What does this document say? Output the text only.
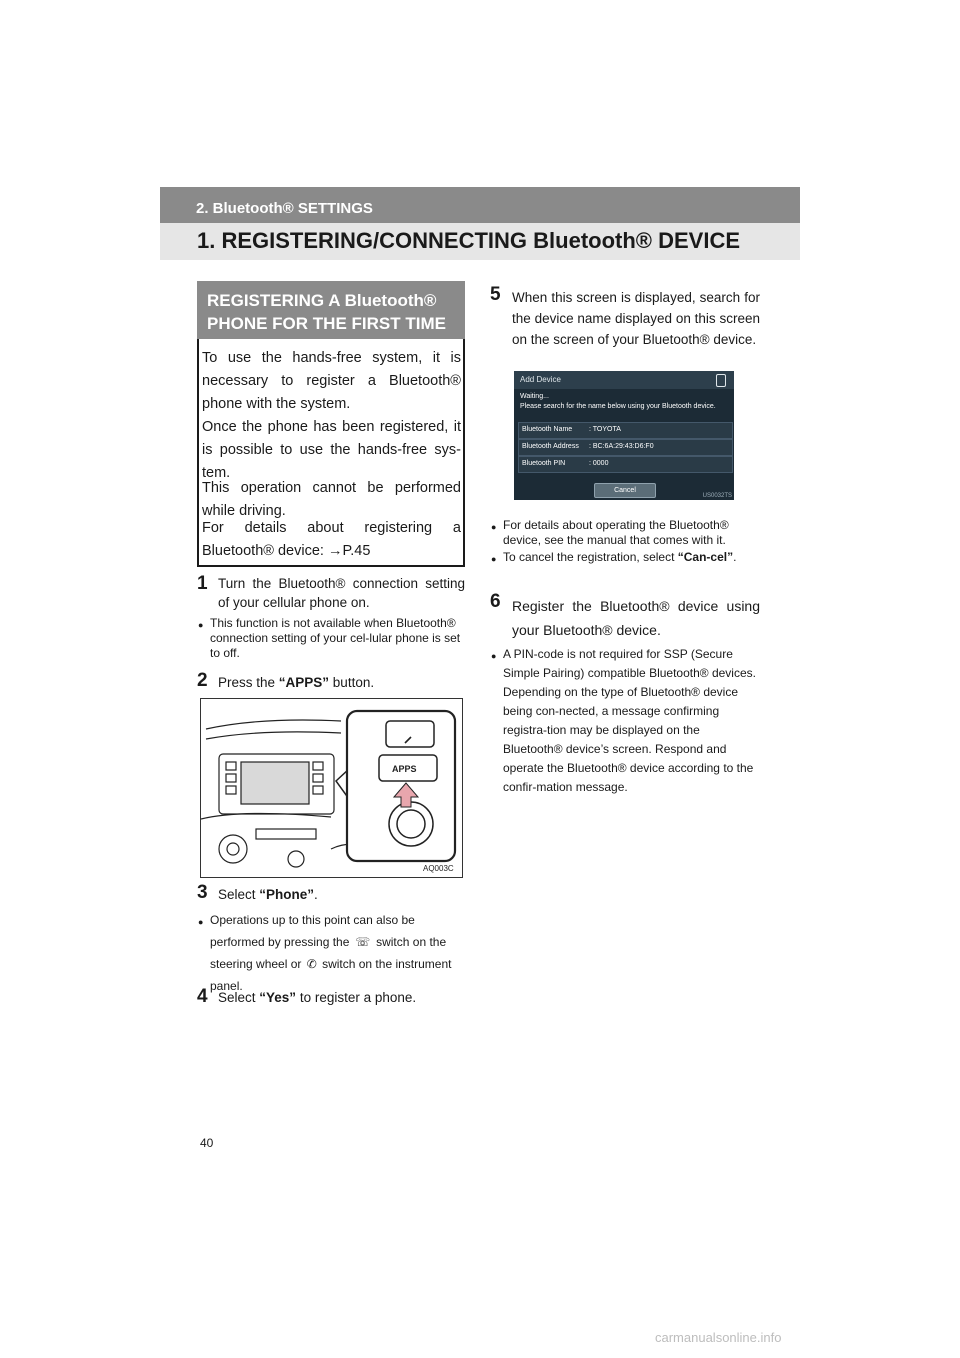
2. Bluetooth® SETTINGS
1. REGISTERING/CONNECTING Bluetooth® DEVICE
REGISTERING A Bluetooth®
PHONE FOR THE FIRST TIME
To use the hands-free system, it is necessary to register a Bluetooth® phone with the system.
Once the phone has been registered, it is possible to use the hands-free sys-tem.
This operation cannot be performed while driving.
For details about registering a Bluetooth® device: →P.45
1 Turn the Bluetooth® connection setting of your cellular phone on.
● This function is not available when Bluetooth® connection setting of your cel-lular phone is set to off.
2 Press the “APPS” button.
APPS
AQ003C
3 Select “Phone”.
● Operations up to this point can also be performed by pressing the ☏ switch on the steering wheel or ✆ switch on the instrument panel.
4 Select “Yes” to register a phone.
5 When this screen is displayed, search for the device name displayed on this screen on the screen of your Bluetooth® device.
Add Device
Waiting...
Please search for the name below using your Bluetooth device.
Bluetooth Name : TOYOTA
Bluetooth Address : BC:6A:29:43:D6:F0
Bluetooth PIN	: 0000
Cancel
US0032TS
● For details about operating the Bluetooth® device, see the manual that comes with it.
● To cancel the registration, select “Can-cel”.
6 Register the Bluetooth® device using your Bluetooth® device.
● A PIN-code is not required for SSP (Secure Simple Pairing) compatible Bluetooth® devices. Depending on the type of Bluetooth® device being con-nected, a message confirming registra-tion may be displayed on the Bluetooth® device’s screen. Respond and operate the Bluetooth® device according to the confir-mation message.
40
carmanualsonline.info
